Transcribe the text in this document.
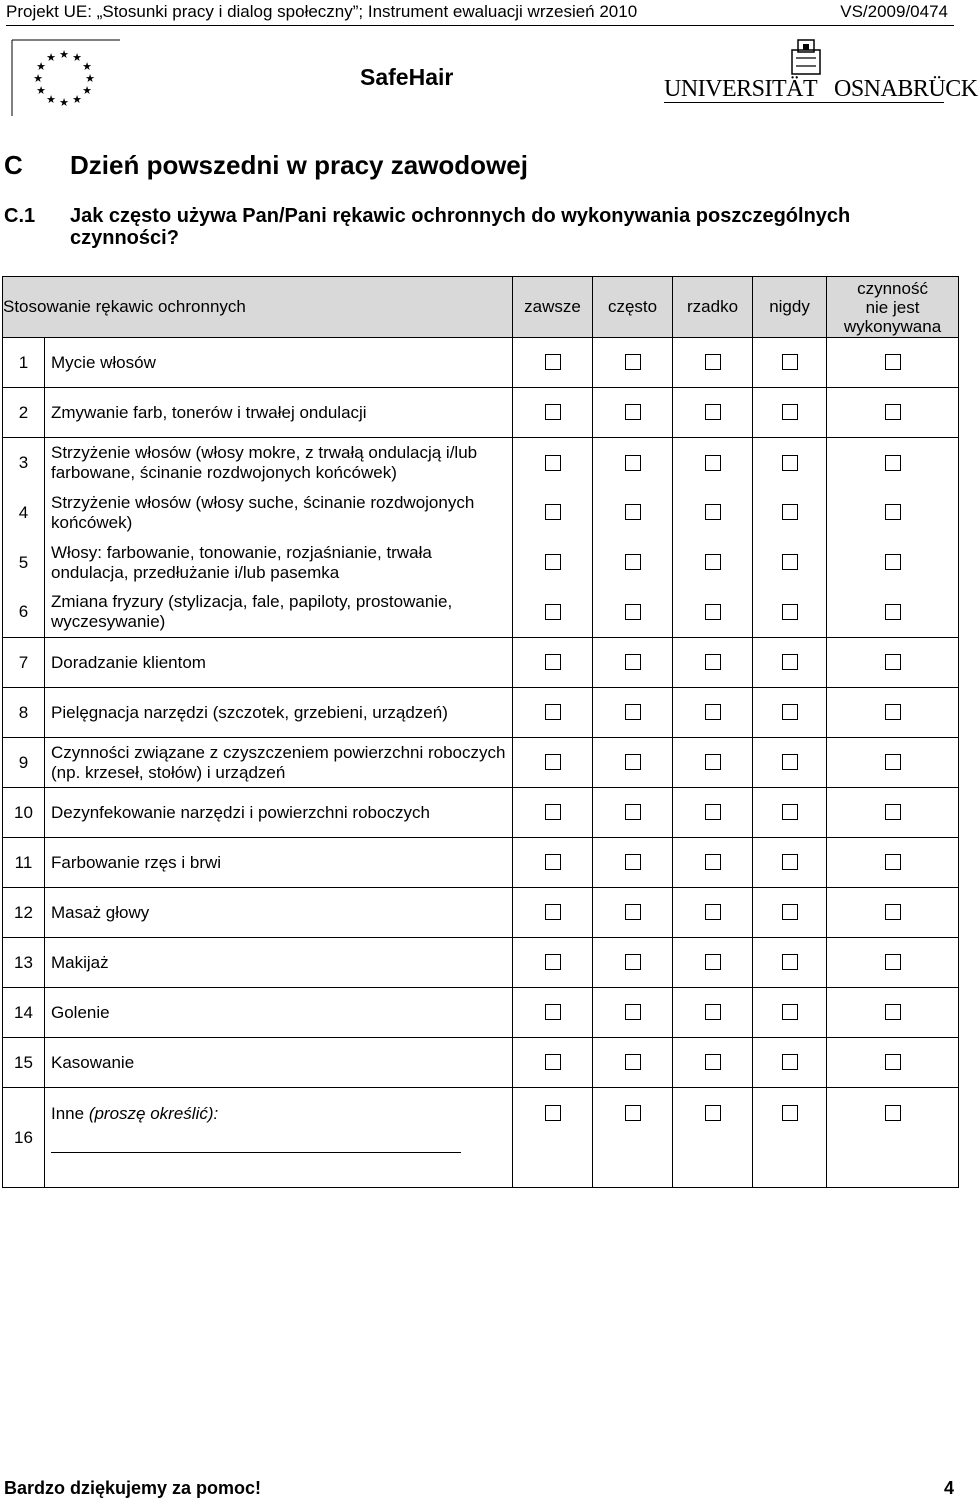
Projekt UE: „Stosunki pracy i dialog społeczny”; Instrument ewaluacji wrzesień 2010	VS/2009/0474
★ ★
★
★
★
★
★
★
★
★
★
★
SafeHair	UNIVERSITÄT OSNABRÜCK
C Dzień powszedni w pracy zawodowej
C.1 Jak często używa Pan/Pani rękawic ochronnych do wykonywania poszczególnych czynności?
Stosowanie rękawic ochronnych		zawsze	często	rzadko	nigdy	czynność
nie jest
wykonywana
1	Mycie włosów					
2	Zmywanie farb, tonerów i trwałej ondulacji					
3	Strzyżenie włosów (włosy mokre, z trwałą ondulacją i/lub farbowane, ścinanie rozdwojonych końcówek)					
4	Strzyżenie włosów (włosy suche, ścinanie rozdwojonych końcówek)					
5	Włosy: farbowanie, tonowanie, rozjaśnianie, trwała ondulacja, przedłużanie i/lub pasemka					
6	Zmiana fryzury (stylizacja, fale, papiloty, prostowanie, wyczesywanie)					
7	Doradzanie klientom					
8	Pielęgnacja narzędzi (szczotek, grzebieni, urządzeń)					
9	Czynności związane z czyszczeniem powierzchni roboczych (np. krzeseł, stołów) i urządzeń					
10	Dezynfekowanie narzędzi i powierzchni roboczych					
11	Farbowanie rzęs i brwi					
12	Masaż głowy					
13	Makijaż					
14	Golenie					
15	Kasowanie					
16	Inne (proszę określić):

Bardzo dziękujemy za pomoc!	4
